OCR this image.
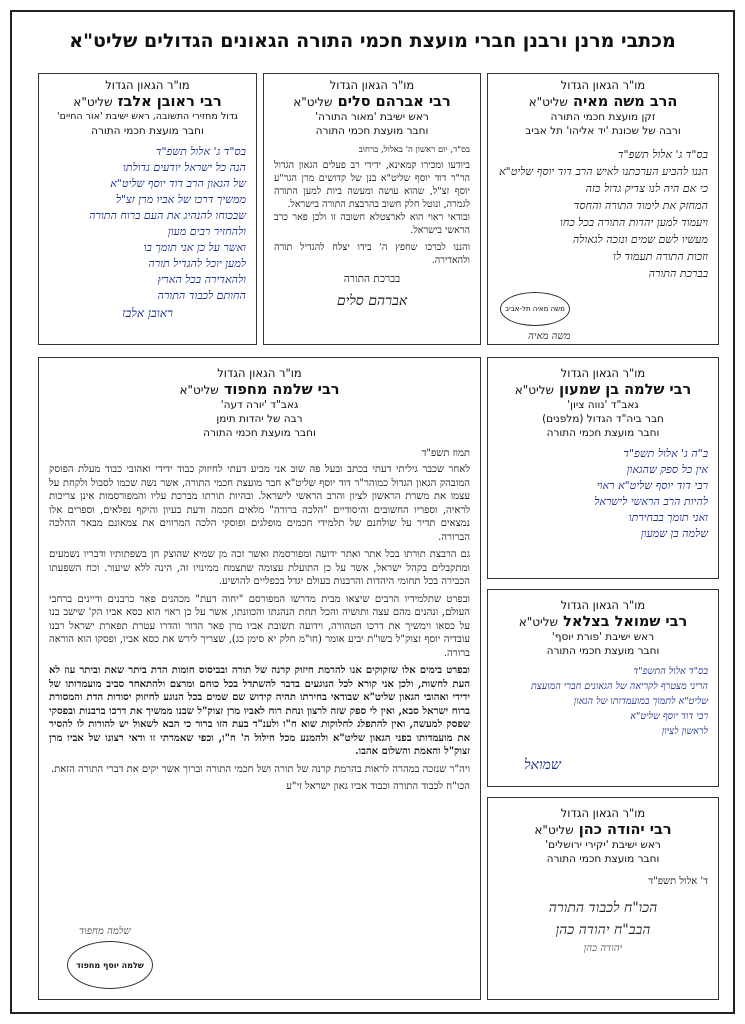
מכתבי מרנן ורבנן חברי מועצת חכמי התורה הגאונים הגדולים שליט"א
מו"ר הגאון הגדול
הרב משה מאיה שליט"א
זקן מועצת חכמי התורה
ורבה של שכונת 'יד אליהו' תל אביב
בס"ד ג' אלול תשפ"ד
הננו להביע הערכתנו לאיש הרב דוד יוסף שליט"א
כי אם היה לנו צדיק גדול כזה
המחזק את לימוד התורה והחסד
ויעמוד למען יהדות התורה בכל כחו
מעשיו לשם שמים ונזכה לגאולה
וזכות התורה תעמוד לו
בברכת התורה
משה מאיה תל-אביב
משה מאיה
מו"ר הגאון הגדול
רבי אברהם סלים שליט"א
ראש ישיבת 'מאור התורה'
וחבר מועצת חכמי התורה
בס"ד, יום ראשון ה' באלול, ברחוב
ביודעו ומכירו קמאינא, ידידי רב פעלים הגאון הגדול הר"ר דוד יוסף שליט"א בנן של קדושים מרן הגר"ע יוסף זצ"ל, שהוא עושה ומעשה ביות למען התורה לגמרה, ונוטל חלק חשוב בהרבצת התורה בישראל.
ובודאי ראוי הוא לארצטלא חשובה זו ולכן פאר כרב הראשי בישראל.
והננו לברכו שחפץ ה' בידו יצלח להגדיל תורה ולהאדירה.
בברכת התורה
אברהם סלים
מו"ר הגאון הגדול
רבי ראובן אלבז שליט"א
גדול מחזירי התשובה, ראש ישיבת 'אור החיים'
וחבר מועצת חכמי התורה
בס"ד ג' אלול תשפ"ד
הנה כל ישראל יודעים גדולתו
של הגאון הרב דוד יוסף שליט"א
ממשיך דרכו של אביו מרן זצ"ל
שבכוחו להנהיג את העם ברוח התורה
ולהחזיר רבים מעון
ואשר על כן אני תומך בו
למען יוכל להגדיל תורה
ולהאדירה בכל הארץ
החותם לכבוד התורה
ראובן אלבז
מו"ר הגאון הגדול
רבי שלמה בן שמעון שליט"א
גאב"ד 'נווה ציון'
חבר ביה"ד הגדול (מלפנים)
וחבר מועצת חכמי התורה
ב"ה ג' אלול תשפ"ד
אין כל ספק שהגאון
רבי דוד יוסף שליט"א ראוי
להיות הרב הראשי לישראל
ואני תומך בבחירתו
שלמה בן שמעון
מו"ר הגאון הגדול
רבי שלמה מחפוד שליט"א
גאב"ד 'יורה דעה'
רבה של יהדות תימן
וחבר מועצת חכמי התורה
תמוז תשפ"ד
לאחר שכבר גיליתי דעתי בכתב ובעל פה שוב אני מביע דעתי לחיזוק כבוד ידידי ואהובי כבוד מעלת הפוסק המובהק הגאון הגדול כמוהר"ר דוד יוסף שליט"א חבר מועצת חכמי התורה, אשר נשה שכמו לסבול ולקחת על עצמו את משרת הראשון לציון והרב הראשי לישראל. ובהיות תורתו מברכת עליו והמפורסמות אינן צריכות לראיה, וספריו החשובים והיסודיים "הלכה ברורה" מלאים חכמה ודעת בעיון והיקף נפלאים, וספרים אלו נמצאים תדיר על שולחנם של תלמידי חכמים מופלגים ופוסקי הלכה המרווים את צמאונם מבאר ההלכה הברורה.
גם הרבצת תורתו בכל אתר ואתר ידועה ומפורסמת ואשר זכה מן שמיא שהוצק חן בשפתותיו ודבריו נשמעים ומתקבלים בקהל ישראל, אשר על כן התועלת עצומה שתצמח ממינויו זה, הינה ללא שיעור. וכח השפעתו הכבירה בכל תחומי היהדות והרבנות בעולם יגדל בכפליים להושיע.
ובפרט שתלמידיו הרבים שיצאו מבית מדרשו המפורסם "יחוה דעת" מכהנים פאר כרבנים ודיינים ברחבי העולם, ונהנים מהם עצה ותושיה והכל תחת הנהגתו והכוונתו, אשר על כן ראוי הוא כסא אביו הק' שישב בנו על כסאו וימשיך את דרכו הטהורה, וידועה תשובת אביו מרן פאר הדור והדרו עטרת תפארת ישראל רבנו עובדיה יוסף זצוק"ל בשו"ת יביע אומר (חו"מ חלק יא סימן כג), שצריך לירש את כסא אביו, ופסקו הוא הוראה ברורה.
ובפרט בימים אלו שזקוקים אנו להרמת חיזוק קרנה של תורה ובביסוס חומות הדת ביתר שאת וביתר עוז לא העת לחשות, ולכן אני קורא לכל הנוגעים בדבר להשתדל בכל כוחם ומרצם ולהתאחד סביב מועמדותו של ידידי ואהובי הגאון שליט"א שבודאי בחירתו תהיה קידוש שם שמים בכל הנוגע לחיזוק יסודות הדת והמסורת ברוח ישראל סבא, ואין לי ספק שזה לרצון ונחת רוח לאביו מרן זצוק"ל שבנו ממשיך את דרכו ברבנות ובפסקי שפסק למעשה, ואין להתפלג לחלוקות שוא ח"ו ולענ"ד בעת הזו ברור כי הבא לשאול יש להורות לו להסיר את מועמדותו בפני הגאון שליט"א ולהמנע מכל חילול ה' ח"ו, וכפי שאמרתי זו ודאי רצונו של אביו מרן זצוק"ל והאמת והשלום אהבו.
ויה"ר שנזכה במהרה לראות בהרמת קרנה של תורה ושל חכמי התורה וברוך אשר יקים את דברי התורה הזאת.
הכו"ח לכבוד התורה וכבוד אביו גאון ישראל זי"ע
שלמה יוסף מחפוד
שלמה מחפוד
מו"ר הגאון הגדול
רבי שמואל בצלאל שליט"א
ראש ישיבת 'פורת יוסף'
וחבר מועצת חכמי התורה
בס"ד אלול התשפ"ד
הריני מצטרף לקריאה של הגאונים חברי המועצת
שליט"א לתמוך במועמדותו של הגאון
רבי דוד יוסף שליט"א
לראשון לציון
שמואל
מו"ר הגאון הגדול
רבי יהודה כהן שליט"א
ראש ישיבת 'יקירי ירושלים'
וחבר מועצת חכמי התורה
ד' אלול תשפ"ד
הכו"ח לכבוד התורה
הבב"ח יהודה כהן
יהודה כהן
